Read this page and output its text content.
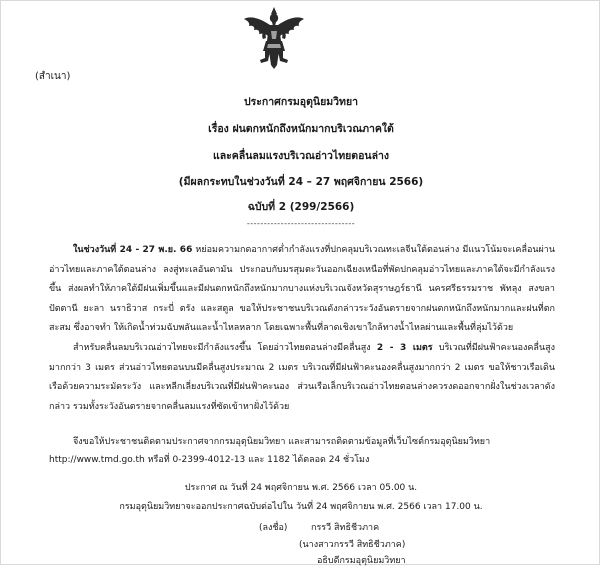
(สำเนา)
ประกาศกรมอุตุนิยมวิทยา
เรื่อง ฝนตกหนักถึงหนักมากบริเวณภาคใต้
และคลื่นลมแรงบริเวณอ่าวไทยตอนล่าง
(มีผลกระทบในช่วงวันที่ 24 – 27 พฤศจิกายน 2566)
ฉบับที่ 2 (299/2566)
--------------------------------
ในช่วงวันที่ 24 - 27 พ.ย. 66 หย่อมความกดอากาศต่ำกำลังแรงที่ปกคลุมบริเวณทะเลจีนใต้ตอนล่าง มีแนวโน้มจะเคลื่อนผ่านอ่าวไทยและภาคใต้ตอนล่าง ลงสู่ทะเลอันดามัน ประกอบกับมรสุมตะวันออกเฉียงเหนือที่พัดปกคลุมอ่าวไทยและภาคใต้จะมีกำลังแรงขึ้น ส่งผลทำให้ภาคใต้มีฝนเพิ่มขึ้นและมีฝนตกหนักถึงหนักมากบางแห่งบริเวณจังหวัดสุราษฎร์ธานี นครศรีธรรมราช พัทลุง สงขลา ปัตตานี ยะลา นราธิวาส กระบี่ ตรัง และสตูล ขอให้ประชาชนบริเวณดังกล่าวระวังอันตรายจากฝนตกหนักถึงหนักมากและฝนที่ตกสะสม ซึ่งอาจทำ ให้เกิดน้ำท่วมฉับพลันและน้ำไหลหลาก โดยเฉพาะพื้นที่ลาดเชิงเขาใกล้ทางน้ำไหลผ่านและพื้นที่ลุ่มไว้ด้วย
สำหรับคลื่นลมบริเวณอ่าวไทยจะมีกำลังแรงขึ้น โดยอ่าวไทยตอนล่างมีคลื่นสูง 2 - 3 เมตร บริเวณที่มีฝนฟ้าคะนองคลื่นสูงมากกว่า 3 เมตร ส่วนอ่าวไทยตอนบนมีคลื่นสูงประมาณ 2 เมตร บริเวณที่มีฝนฟ้าคะนองคลื่นสูงมากกว่า 2 เมตร ขอให้ชาวเรือเดินเรือด้วยความระมัดระวัง และหลีกเลี่ยงบริเวณที่มีฝนฟ้าคะนอง ส่วนเรือเล็กบริเวณอ่าวไทยตอนล่างควรงดออกจากฝั่งในช่วงเวลาดังกล่าว รวมทั้งระวังอันตรายจากคลื่นลมแรงที่ซัดเข้าหาฝั่งไว้ด้วย
จึงขอให้ประชาชนติดตามประกาศจากกรมอุตุนิยมวิทยา และสามารถติดตามข้อมูลที่เว็บไซต์กรมอุตุนิยมวิทยา http://www.tmd.go.th หรือที่ 0-2399-4012-13 และ 1182 ได้ตลอด 24 ชั่วโมง
ประกาศ ณ วันที่ 24 พฤศจิกายน พ.ศ. 2566 เวลา 05.00 น.
กรมอุตุนิยมวิทยาจะออกประกาศฉบับต่อไปใน วันที่ 24 พฤศจิกายน พ.ศ. 2566 เวลา 17.00 น.
(ลงชื่อ)	กรรวี สิทธิชีวภาค
(นางสาวกรรวี สิทธิชีวภาค)
อธิบดีกรมอุตุนิยมวิทยา
